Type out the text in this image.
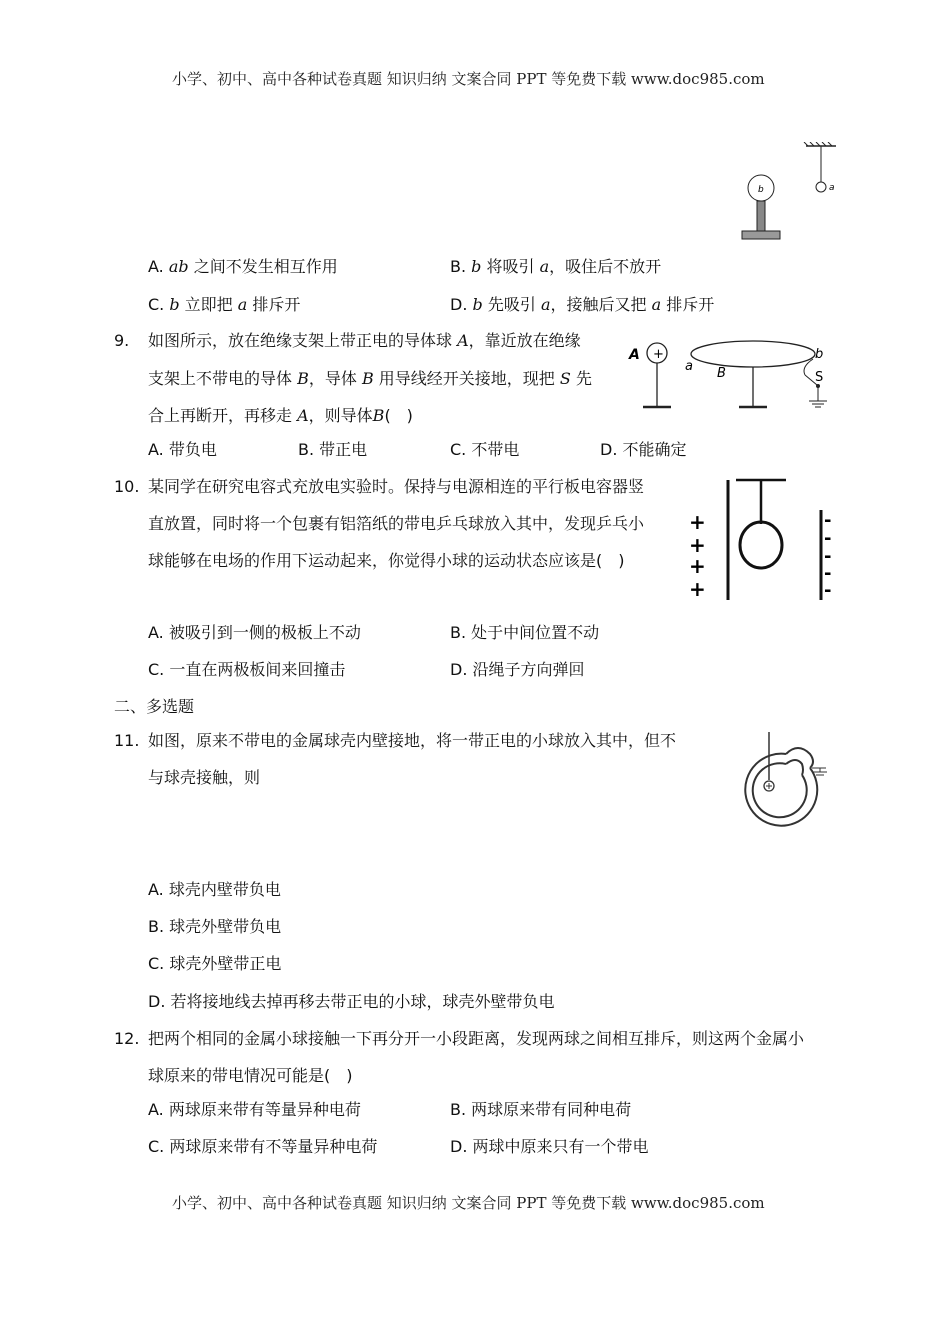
小学、初中、高中各种试卷真题 知识归纳 文案合同 PPT 等免费下载 www.doc985.com
a
b
A. ab 之间不发生相互作用	B. b 将吸引 a，吸住后不放开
C. b 立即把 a 排斥开	D. b 先吸引 a，接触后又把 a 排斥开
9. 如图所示，放在绝缘支架上带正电的导体球 A，靠近放在绝缘
支架上不带电的导体 B，导体 B 用导线经开关接地，现把 S 先
合上再断开，再移走 A，则导体B(　)
A +
a B
b
S
A. 带负电	B. 带正电	C. 不带电	D. 不能确定
10. 某同学在研究电容式充放电实验时。保持与电源相连的平行板电容器竖
直放置，同时将一个包裹有铝箔纸的带电乒乓球放入其中，发现乒乓小
球能够在电场的作用下运动起来，你觉得小球的运动状态应该是(　)
+
+
+
+
-
-
-
-
-
A. 被吸引到一侧的极板上不动	B. 处于中间位置不动
C. 一直在两极板间来回撞击	D. 沿绳子方向弹回
二、多选题
11. 如图，原来不带电的金属球壳内壁接地，将一带正电的小球放入其中，但不
与球壳接触，则
A. 球壳内壁带负电
B. 球壳外壁带负电
C. 球壳外壁带正电
D. 若将接地线去掉再移去带正电的小球，球壳外壁带负电
12. 把两个相同的金属小球接触一下再分开一小段距离，发现两球之间相互排斥，则这两个金属小
球原来的带电情况可能是(　)
A. 两球原来带有等量异种电荷	B. 两球原来带有同种电荷
C. 两球原来带有不等量异种电荷	D. 两球中原来只有一个带电
小学、初中、高中各种试卷真题 知识归纳 文案合同 PPT 等免费下载 www.doc985.com
